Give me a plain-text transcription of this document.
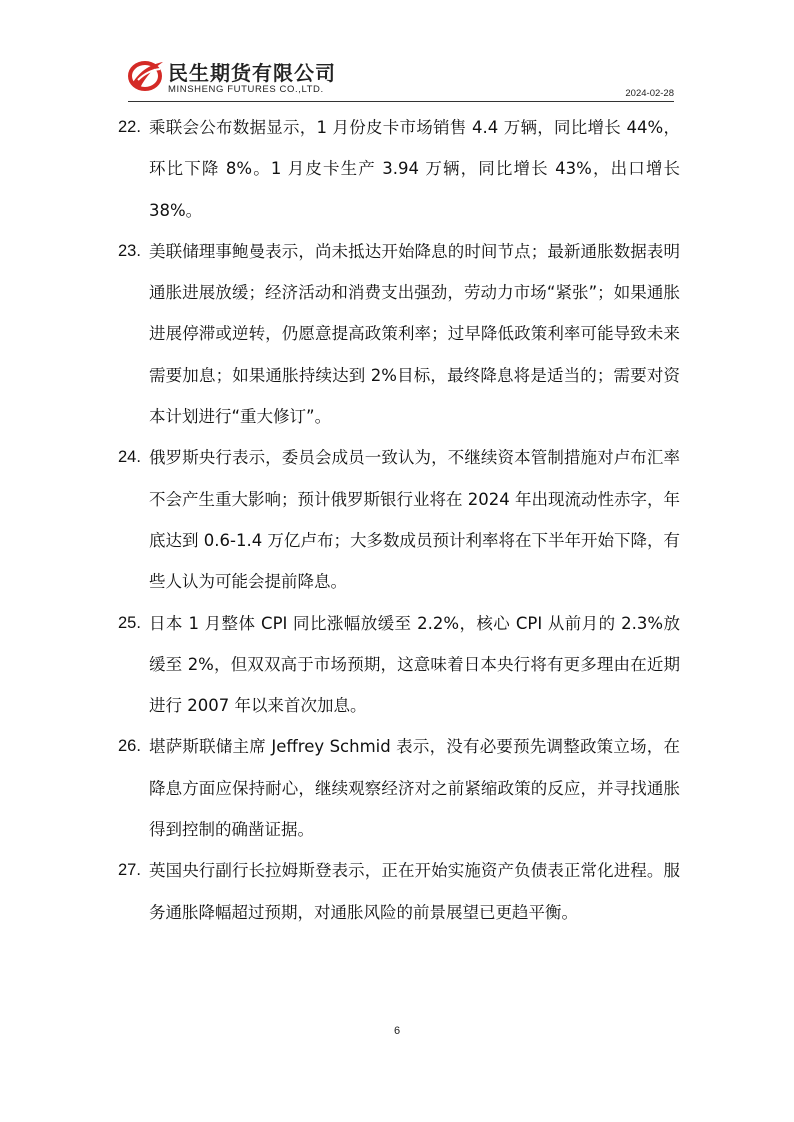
民生期货有限公司
MINSHENG FUTURES CO.,LTD.	2024-02-28
22. 乘联会公布数据显示，1 月份皮卡市场销售 4.4 万辆，同比增长 44%，环比下降 8%。1 月皮卡生产 3.94 万辆，同比增长 43%，出口增长 38%。
23. 美联储理事鲍曼表示，尚未抵达开始降息的时间节点；最新通胀数据表明通胀进展放缓；经济活动和消费支出强劲，劳动力市场“紧张”；如果通胀进展停滞或逆转，仍愿意提高政策利率；过早降低政策利率可能导致未来需要加息；如果通胀持续达到 2%目标，最终降息将是适当的；需要对资本计划进行“重大修订”。
24. 俄罗斯央行表示，委员会成员一致认为，不继续资本管制措施对卢布汇率不会产生重大影响；预计俄罗斯银行业将在 2024 年出现流动性赤字，年底达到 0.6-1.4 万亿卢布；大多数成员预计利率将在下半年开始下降，有些人认为可能会提前降息。
25. 日本 1 月整体 CPI 同比涨幅放缓至 2.2%，核心 CPI 从前月的 2.3%放缓至 2%，但双双高于市场预期，这意味着日本央行将有更多理由在近期进行 2007 年以来首次加息。
26. 堪萨斯联储主席 Jeffrey Schmid 表示，没有必要预先调整政策立场，在降息方面应保持耐心，继续观察经济对之前紧缩政策的反应，并寻找通胀得到控制的确凿证据。
27. 英国央行副行长拉姆斯登表示，正在开始实施资产负债表正常化进程。服务通胀降幅超过预期，对通胀风险的前景展望已更趋平衡。
6
